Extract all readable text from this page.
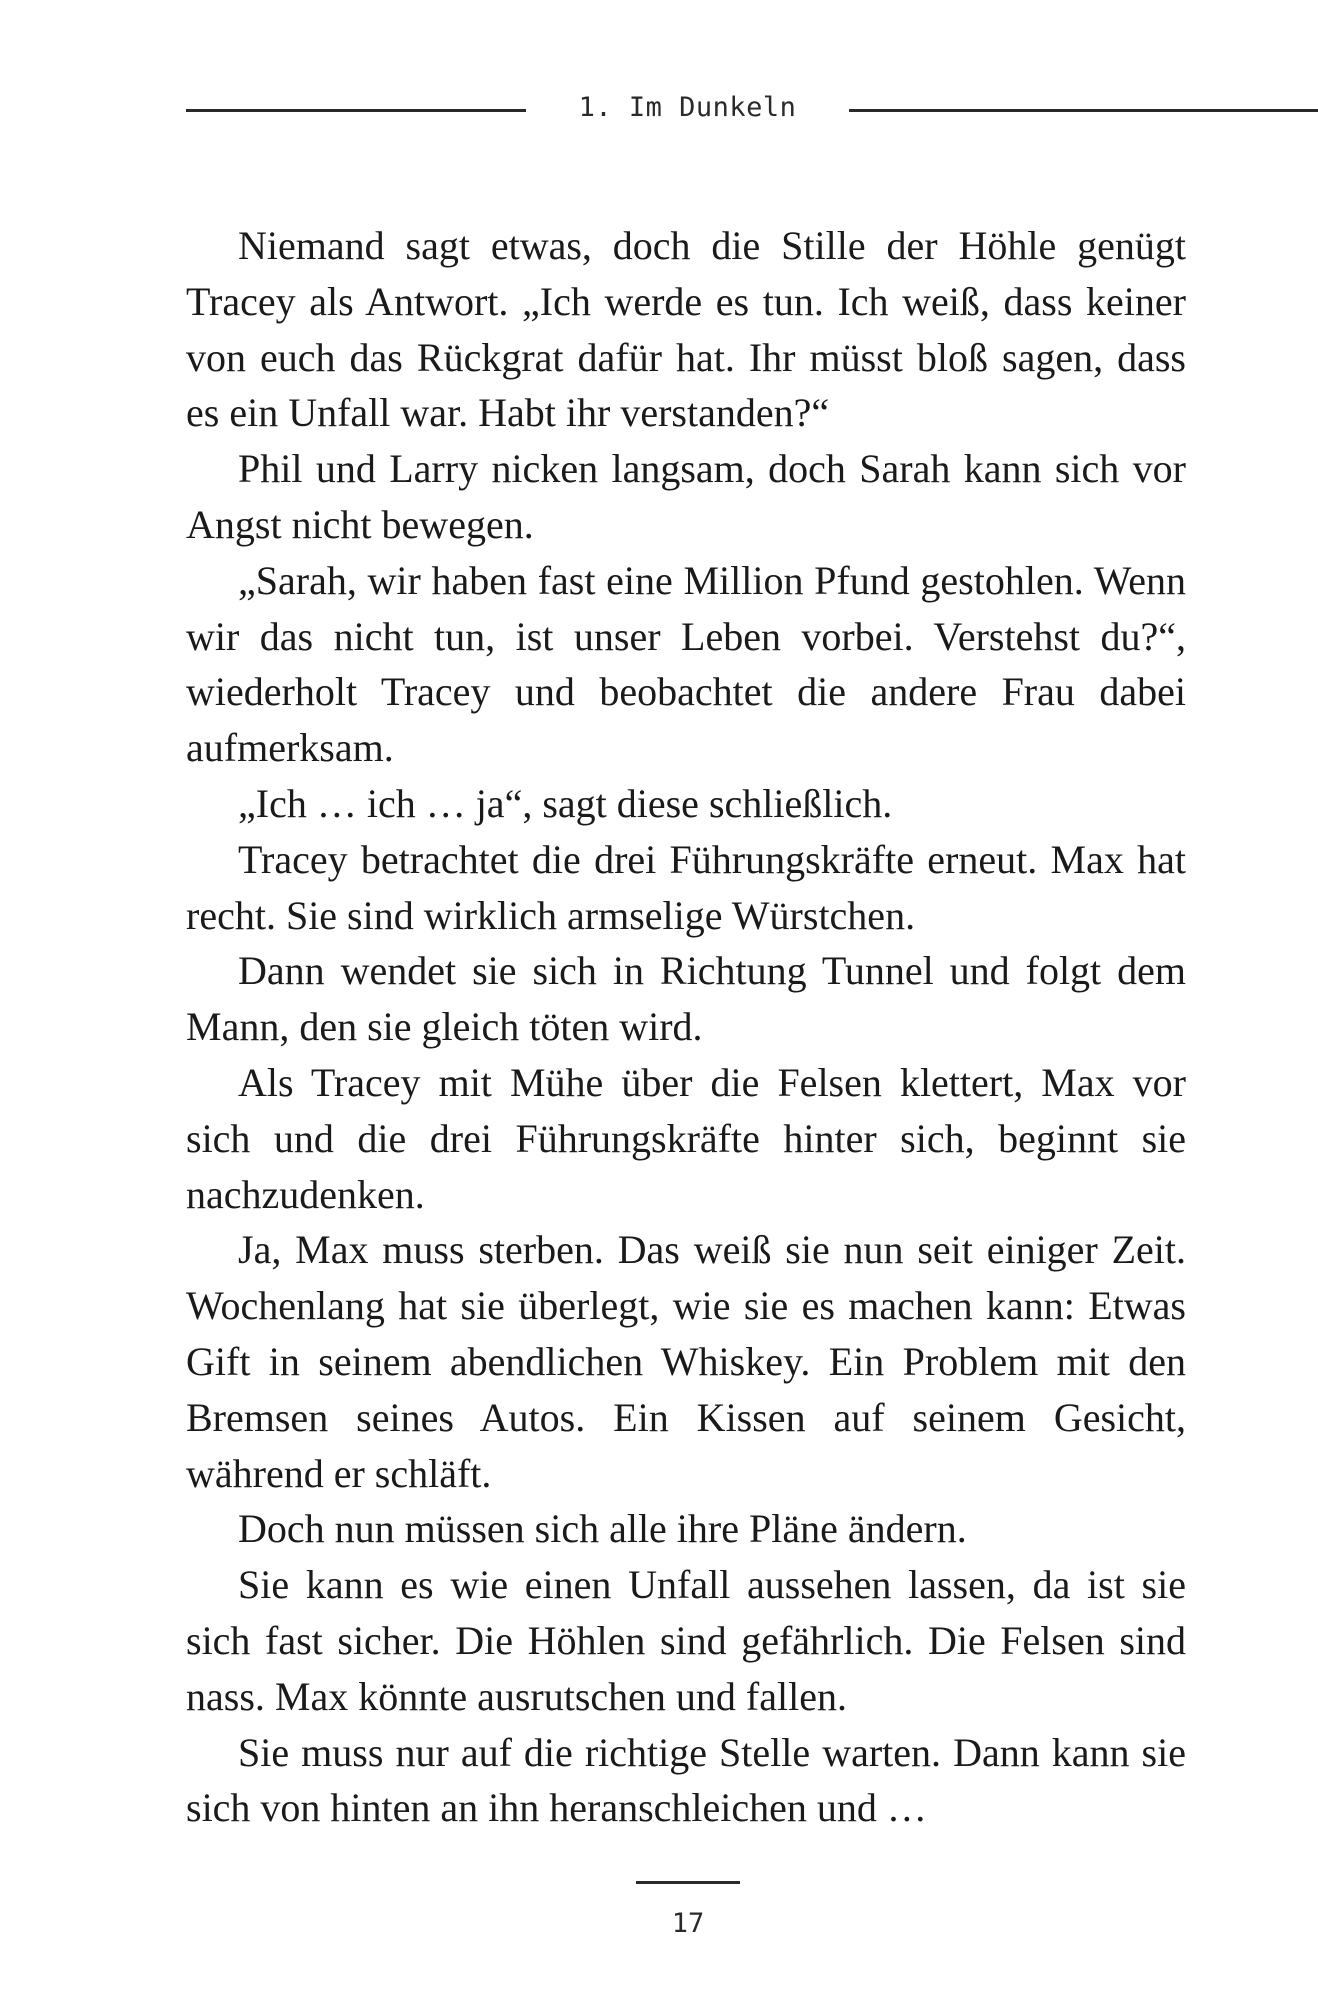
1. Im Dunkeln

Niemand sagt etwas, doch die Stille der Höhle genügt Tracey als Antwort. „Ich werde es tun. Ich weiß, dass keiner von euch das Rückgrat dafür hat. Ihr müsst bloß sagen, dass es ein Unfall war. Habt ihr verstanden?“

Phil und Larry nicken langsam, doch Sarah kann sich vor Angst nicht bewegen.

„Sarah, wir haben fast eine Million Pfund gestohlen. Wenn wir das nicht tun, ist unser Leben vorbei. Verstehst du?“, wiederholt Tracey und beobachtet die andere Frau dabei aufmerksam.

„Ich … ich … ja“, sagt diese schließlich.

Tracey betrachtet die drei Führungskräfte erneut. Max hat recht. Sie sind wirklich armselige Würstchen.

Dann wendet sie sich in Richtung Tunnel und folgt dem Mann, den sie gleich töten wird.

Als Tracey mit Mühe über die Felsen klettert, Max vor sich und die drei Führungskräfte hinter sich, beginnt sie nachzudenken.

Ja, Max muss sterben. Das weiß sie nun seit einiger Zeit. Wochenlang hat sie überlegt, wie sie es machen kann: Etwas Gift in seinem abendlichen Whiskey. Ein Problem mit den Bremsen seines Autos. Ein Kissen auf seinem Gesicht, während er schläft.

Doch nun müssen sich alle ihre Pläne ändern.

Sie kann es wie einen Unfall aussehen lassen, da ist sie sich fast sicher. Die Höhlen sind gefährlich. Die Felsen sind nass. Max könnte ausrutschen und fallen.

Sie muss nur auf die richtige Stelle warten. Dann kann sie sich von hinten an ihn heranschleichen und …

17
